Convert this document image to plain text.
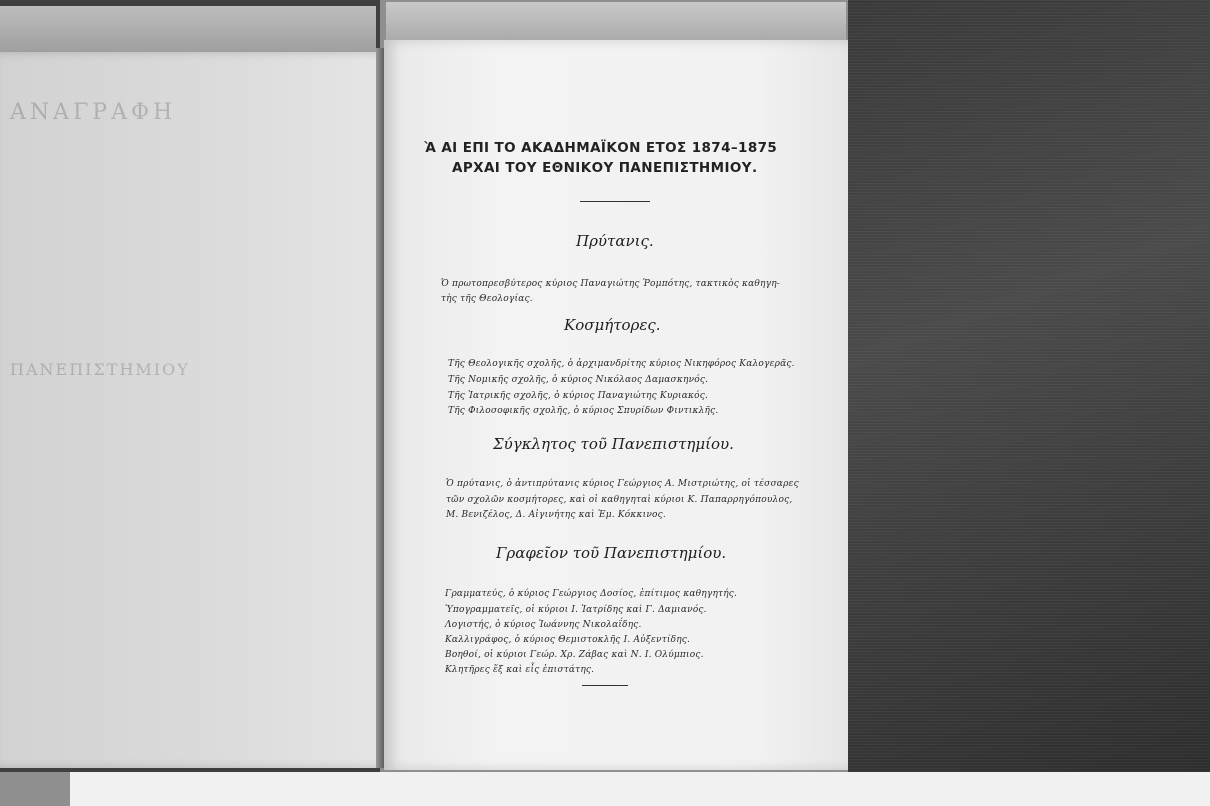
ΑΝΑΓΡΑΦΗ
ΠΑΝΕΠΙΣΤΗΜΙΟΥ
Ὰ ΑΙ ΕΠΙ ΤΟ ΑΚΑΔΗΜΑΪΚΟΝ ΕΤΟΣ 1874–1875
ΑΡΧΑΙ ΤΟΥ ΕΘΝΙΚΟΥ ΠΑΝΕΠΙΣΤΗΜΙΟΥ.
Πρύτανις.
Ὁ πρωτοπρεσβύτερος κύριος Παναγιώτης Ῥομπότης, τακτικὸς καθηγη-
τὴς τῆς Θεολογίας.
Κοσμήτορες.
Τῆς Θεολογικῆς σχολῆς, ὁ ἀρχιμανδρίτης κύριος Νικηφόρος Καλογερᾶς.
Τῆς Νομικῆς σχολῆς, ὁ κύριος Νικόλαος Δαμασκηνός.
Τῆς Ἰατρικῆς σχολῆς, ὁ κύριος Παναγιώτης Κυριακός.
Τῆς Φιλοσοφικῆς σχολῆς, ὁ κύριος Σπυρίδων Φιντικλῆς.
Σύγκλητος τοῦ Πανεπιστημίου.
Ὁ πρύτανις, ὁ ἀντιπρύτανις κύριος Γεώργιος Α. Μιστριώτης, οἱ τέσσαρες
τῶν σχολῶν κοσμήτορες, καὶ οἱ καθηγηταὶ κύριοι Κ. Παπαρρηγόπουλος,
Μ. Βενιζέλος, Δ. Αἰγινήτης καὶ Ἐμ. Κόκκινος.
Γραφεῖον τοῦ Πανεπιστημίου.
Γραμματεύς, ὁ κύριος Γεώργιος Δοσίος, ἐπίτιμος καθηγητής.
Ὑπογραμματεῖς, οἱ κύριοι Ι. Ἰατρίδης καὶ Γ. Δαμιανός.
Λογιστής, ὁ κύριος Ἰωάννης Νικολαΐδης.
Καλλιγράφος, ὁ κύριος Θεμιστοκλῆς Ι. Αὐξεντίδης.
Βοηθοί, οἱ κύριοι Γεώρ. Χρ. Ζάβας καὶ Ν. Ι. Ολύμπιος.
Κλητῆρες ἕξ καὶ εἷς ἐπιστάτης.
